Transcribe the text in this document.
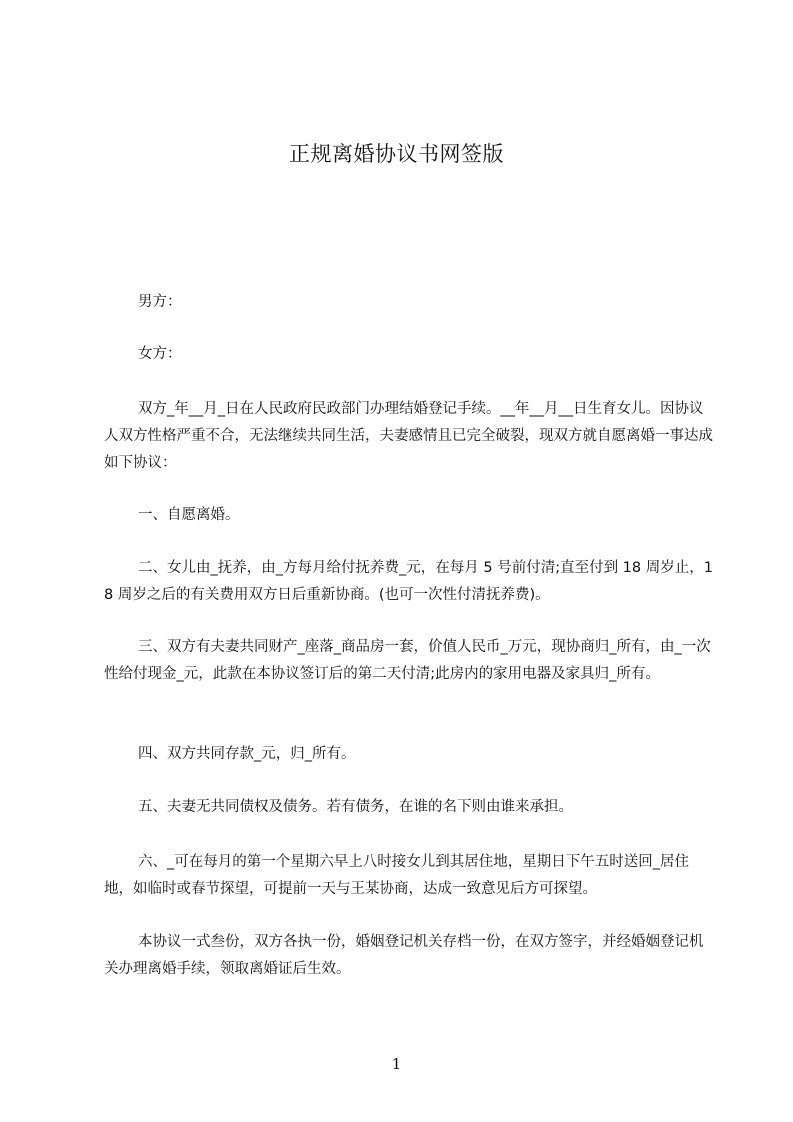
正规离婚协议书网签版
男方：
女方：
双方_年__月_日在人民政府民政部门办理结婚登记手续。__年__月__日生育女儿。因协议人双方性格严重不合，无法继续共同生活，夫妻感情且已完全破裂，现双方就自愿离婚一事达成如下协议：
一、自愿离婚。
二、女儿由_抚养，由_方每月给付抚养费_元，在每月 5 号前付清;直至付到 18 周岁止，18 周岁之后的有关费用双方日后重新协商。(也可一次性付清抚养费)。
三、双方有夫妻共同财产_座落_商品房一套，价值人民币_万元，现协商归_所有，由_一次性给付现金_元，此款在本协议签订后的第二天付清;此房内的家用电器及家具归_所有。
四、双方共同存款_元，归_所有。
五、夫妻无共同债权及债务。若有债务，在谁的名下则由谁来承担。
六、_可在每月的第一个星期六早上八时接女儿到其居住地，星期日下午五时送回_居住地，如临时或春节探望，可提前一天与王某协商，达成一致意见后方可探望。
本协议一式叁份，双方各执一份，婚姻登记机关存档一份，在双方签字，并经婚姻登记机关办理离婚手续，领取离婚证后生效。
1
